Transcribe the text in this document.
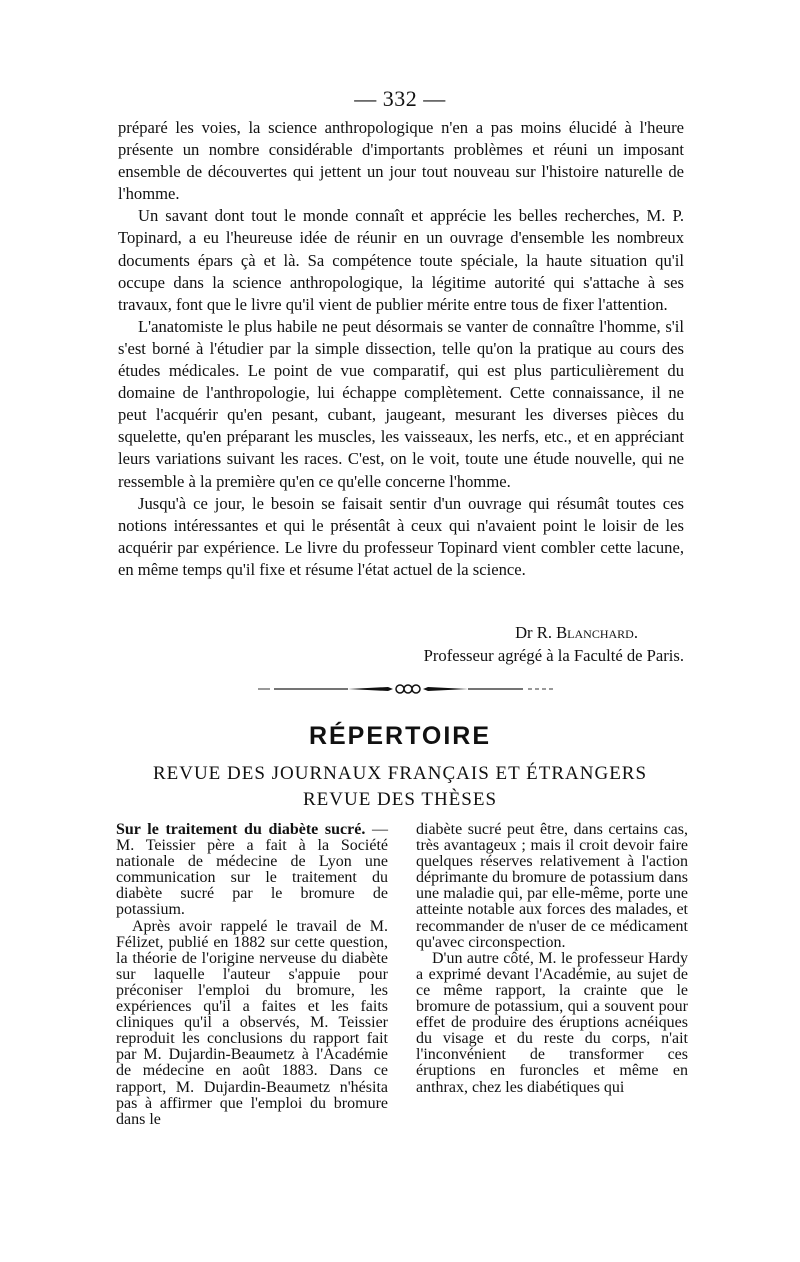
— 332 —

préparé les voies, la science anthropologique n'en a pas moins élucidé à l'heure présente un nombre considérable d'importants problèmes et réuni un imposant ensemble de découvertes qui jettent un jour tout nouveau sur l'histoire naturelle de l'homme.

Un savant dont tout le monde connaît et apprécie les belles recherches, M. P. Topinard, a eu l'heureuse idée de réunir en un ouvrage d'ensemble les nombreux documents épars çà et là. Sa compétence toute spéciale, la haute situation qu'il occupe dans la science anthropologique, la légitime autorité qui s'attache à ses travaux, font que le livre qu'il vient de publier mérite entre tous de fixer l'attention.

L'anatomiste le plus habile ne peut désormais se vanter de connaître l'homme, s'il s'est borné à l'étudier par la simple dissection, telle qu'on la pratique au cours des études médicales. Le point de vue comparatif, qui est plus particulièrement du domaine de l'anthropologie, lui échappe complètement. Cette connaissance, il ne peut l'acquérir qu'en pesant, cubant, jaugeant, mesurant les diverses pièces du squelette, qu'en préparant les muscles, les vaisseaux, les nerfs, etc., et en appréciant leurs variations suivant les races. C'est, on le voit, toute une étude nouvelle, qui ne ressemble à la première qu'en ce qu'elle concerne l'homme.

Jusqu'à ce jour, le besoin se faisait sentir d'un ouvrage qui résumât toutes ces notions intéressantes et qui le présentât à ceux qui n'avaient point le loisir de les acquérir par expérience. Le livre du professeur Topinard vient combler cette lacune, en même temps qu'il fixe et résume l'état actuel de la science.

Dr R. Blanchard.
Professeur agrégé à la Faculté de Paris.
RÉPERTOIRE
REVUE DES JOURNAUX FRANÇAIS ET ÉTRANGERS
REVUE DES THÈSES

Sur le traitement du diabète sucré. — M. Teissier père a fait à la Société nationale de médecine de Lyon une communication sur le traitement du diabète sucré par le bromure de potassium.

Après avoir rappelé le travail de M. Félizet, publié en 1882 sur cette question, la théorie de l'origine nerveuse du diabète sur laquelle l'auteur s'appuie pour préconiser l'emploi du bromure, les expériences qu'il a faites et les faits cliniques qu'il a observés, M. Teissier reproduit les conclusions du rapport fait par M. Dujardin-Beaumetz à l'Académie de médecine en août 1883. Dans ce rapport, M. Dujardin-Beaumetz n'hésita pas à affirmer que l'emploi du bromure dans le

diabète sucré peut être, dans certains cas, très avantageux ; mais il croit devoir faire quelques réserves relativement à l'action déprimante du bromure de potassium dans une maladie qui, par elle-même, porte une atteinte notable aux forces des malades, et recommander de n'user de ce médicament qu'avec circonspection.

D'un autre côté, M. le professeur Hardy a exprimé devant l'Académie, au sujet de ce même rapport, la crainte que le bromure de potassium, qui a souvent pour effet de produire des éruptions acnéiques du visage et du reste du corps, n'ait l'inconvénient de transformer ces éruptions en furoncles et même en anthrax, chez les diabétiques qui
